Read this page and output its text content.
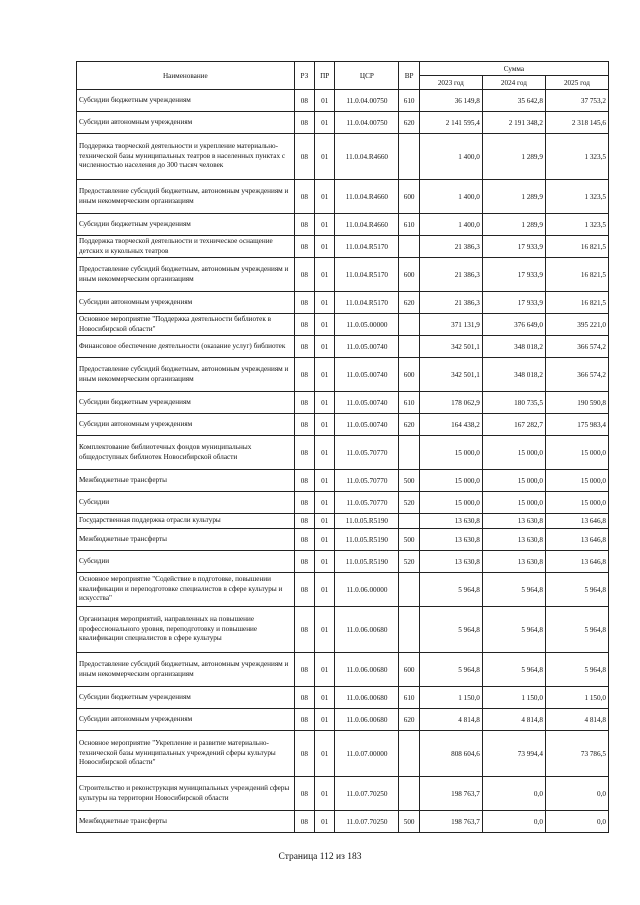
Наименование	РЗ	ПР	ЦСР	ВР	Сумма		
					2023 год	2024 год	2025 год
Субсидии бюджетным учреждениям	08	01	11.0.04.00750	610	36 149,8	35 642,8	37 753,2
Субсидии автономным учреждениям	08	01	11.0.04.00750	620	2 141 595,4	2 191 348,2	2 318 145,6
Поддержка творческой деятельности и укрепление материально-технической базы муниципальных театров в населенных пунктах с численностью населения до 300 тысяч человек	08	01	11.0.04.R4660		1 400,0	1 289,9	1 323,5
Предоставление субсидий бюджетным, автономным учреждениям и иным некоммерческим организациям	08	01	11.0.04.R4660	600	1 400,0	1 289,9	1 323,5
Субсидии бюджетным учреждениям	08	01	11.0.04.R4660	610	1 400,0	1 289,9	1 323,5
Поддержка творческой деятельности и техническое оснащение детских и кукольных театров	08	01	11.0.04.R5170		21 386,3	17 933,9	16 821,5
Предоставление субсидий бюджетным, автономным учреждениям и иным некоммерческим организациям	08	01	11.0.04.R5170	600	21 386,3	17 933,9	16 821,5
Субсидии автономным учреждениям	08	01	11.0.04.R5170	620	21 386,3	17 933,9	16 821,5
Основное мероприятие "Поддержка деятельности библиотек в Новосибирской области"	08	01	11.0.05.00000		371 131,9	376 649,0	395 221,0
Финансовое обеспечение деятельности (оказание услуг) библиотек	08	01	11.0.05.00740		342 501,1	348 018,2	366 574,2
Предоставление субсидий бюджетным, автономным учреждениям и иным некоммерческим организациям	08	01	11.0.05.00740	600	342 501,1	348 018,2	366 574,2
Субсидии бюджетным учреждениям	08	01	11.0.05.00740	610	178 062,9	180 735,5	190 590,8
Субсидии автономным учреждениям	08	01	11.0.05.00740	620	164 438,2	167 282,7	175 983,4
Комплектование библиотечных фондов муниципальных общедоступных библиотек Новосибирской области	08	01	11.0.05.70770		15 000,0	15 000,0	15 000,0
Межбюджетные трансферты	08	01	11.0.05.70770	500	15 000,0	15 000,0	15 000,0
Субсидии	08	01	11.0.05.70770	520	15 000,0	15 000,0	15 000,0
Государственная поддержка отрасли культуры	08	01	11.0.05.R5190		13 630,8	13 630,8	13 646,8
Межбюджетные трансферты	08	01	11.0.05.R5190	500	13 630,8	13 630,8	13 646,8
Субсидии	08	01	11.0.05.R5190	520	13 630,8	13 630,8	13 646,8
Основное мероприятие "Содействие в подготовке, повышении квалификации и переподготовке специалистов в сфере культуры и искусства"	08	01	11.0.06.00000		5 964,8	5 964,8	5 964,8
Организация мероприятий, направленных на повышение профессионального уровня, переподготовку и повышение квалификации специалистов в сфере культуры	08	01	11.0.06.00680		5 964,8	5 964,8	5 964,8
Предоставление субсидий бюджетным, автономным учреждениям и иным некоммерческим организациям	08	01	11.0.06.00680	600	5 964,8	5 964,8	5 964,8
Субсидии бюджетным учреждениям	08	01	11.0.06.00680	610	1 150,0	1 150,0	1 150,0
Субсидии автономным учреждениям	08	01	11.0.06.00680	620	4 814,8	4 814,8	4 814,8
Основное мероприятие "Укрепление и развитие материально-технической базы муниципальных учреждений сферы культуры Новосибирской области"	08	01	11.0.07.00000		808 604,6	73 994,4	73 786,5
Строительство и реконструкция муниципальных учреждений сферы культуры на территории Новосибирской области	08	01	11.0.07.70250		198 763,7	0,0	0,0
Межбюджетные трансферты	08	01	11.0.07.70250	500	198 763,7	0,0	0,0
Страница 112 из 183
